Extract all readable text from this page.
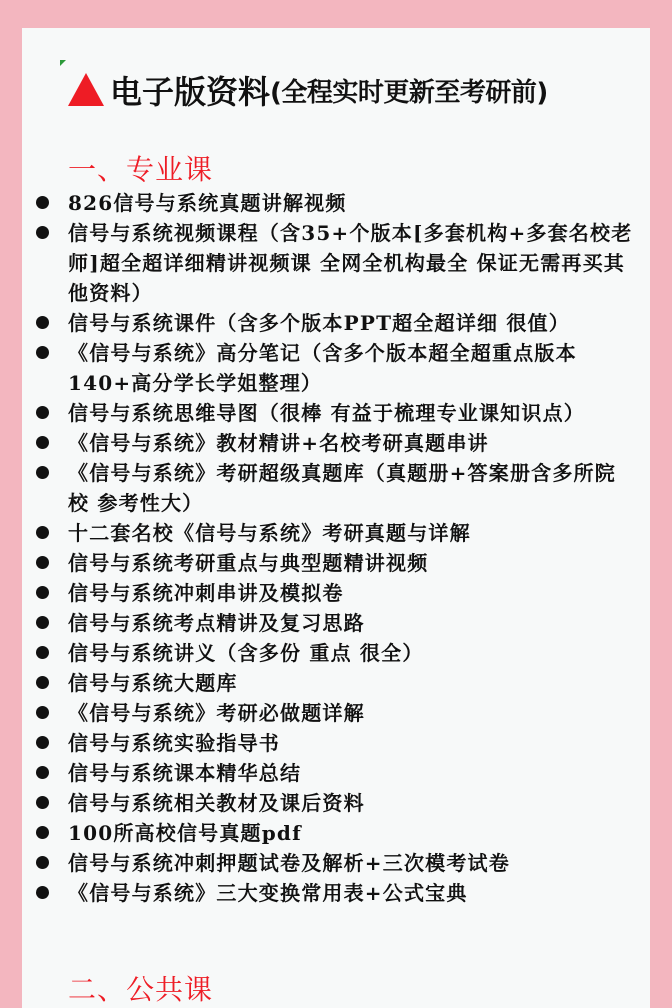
电子版资料 (全程实时更新至考研前)
一、专业课
826信号与系统真题讲解视频
信号与系统视频课程（含35+个版本[多套机构+多套名校老师]超全超详细精讲视频课 全网全机构最全 保证无需再买其他资料）
信号与系统课件（含多个版本PPT超全超详细 很值）
《信号与系统》高分笔记（含多个版本超全超重点版本 140+高分学长学姐整理）
信号与系统思维导图（很棒 有益于梳理专业课知识点）
《信号与系统》教材精讲+名校考研真题串讲
《信号与系统》考研超级真题库（真题册+答案册含多所院校 参考性大）
十二套名校《信号与系统》考研真题与详解
信号与系统考研重点与典型题精讲视频
信号与系统冲刺串讲及模拟卷
信号与系统考点精讲及复习思路
信号与系统讲义（含多份 重点 很全）
信号与系统大题库
《信号与系统》考研必做题详解
信号与系统实验指导书
信号与系统课本精华总结
信号与系统相关教材及课后资料
100所高校信号真题pdf
信号与系统冲刺押题试卷及解析+三次模考试卷
《信号与系统》三大变换常用表+公式宝典
二、公共课
